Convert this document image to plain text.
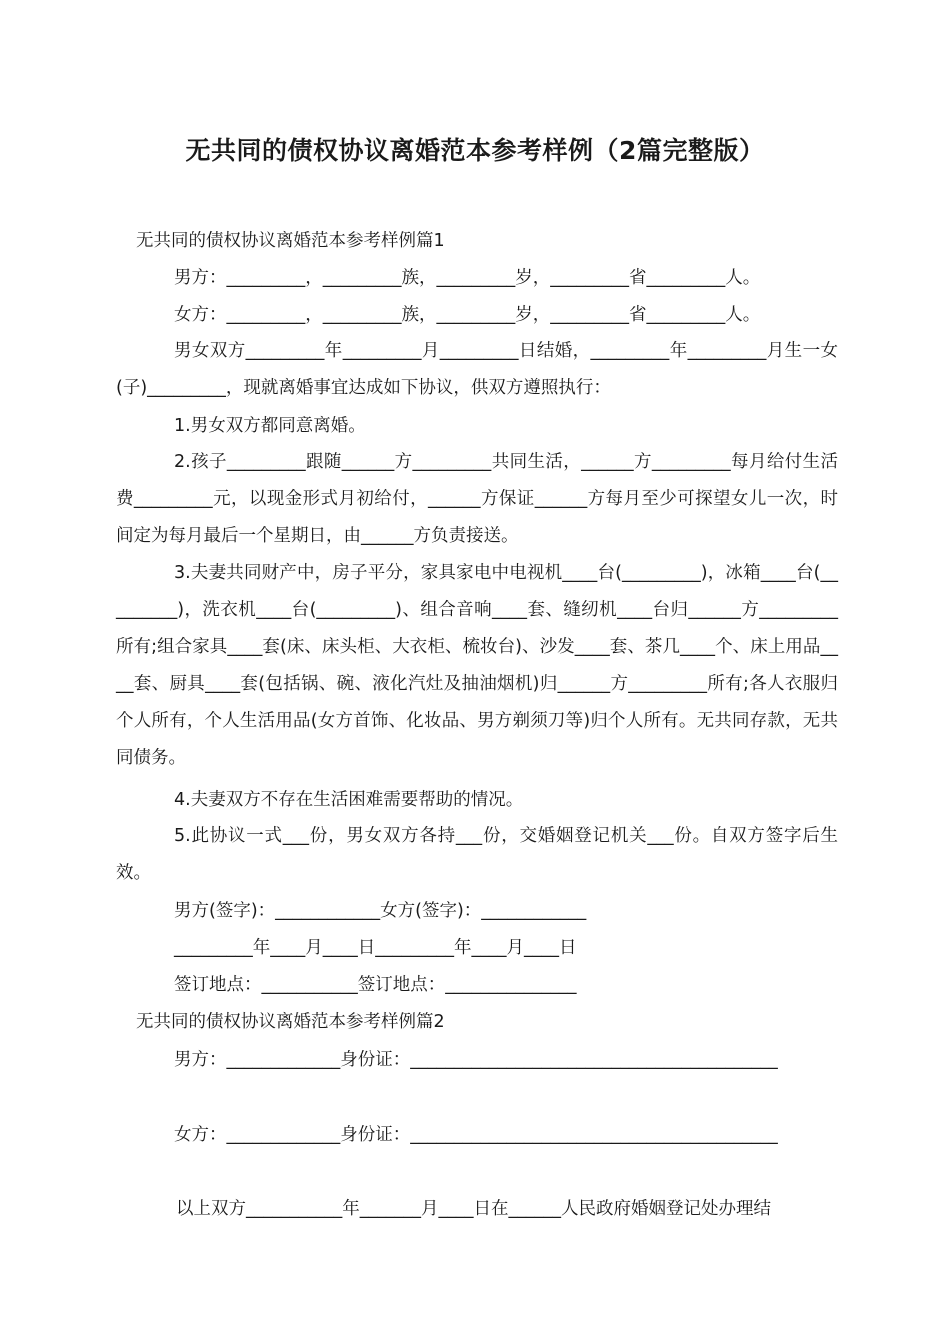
无共同的债权协议离婚范本参考样例（2篇完整版）
无共同的债权协议离婚范本参考样例篇1
男方：_________，_________族，_________岁，_________省_________人。
女方：_________，_________族，_________岁，_________省_________人。

男女双方_________年_________月_________日结婚，_________年_________月生一女(子)_________，现就离婚事宜达成如下协议，供双方遵照执行：

1.男女双方都同意离婚。

2.孩子_________跟随______方_________共同生活，______方_________每月给付生活费_________元，以现金形式月初给付，______方保证______方每月至少可探望女儿一次，时间定为每月最后一个星期日，由______方负责接送。

3.夫妻共同财产中，房子平分，家具家电中电视机____台(_________)，冰箱____台(_________)，洗衣机____台(_________)、组合音响____套、缝纫机____台归______方_________所有;组合家具____套(床、床头柜、大衣柜、梳妆台)、沙发____套、茶几____个、床上用品____套、厨具____套(包括锅、碗、液化汽灶及抽油烟机)归______方_________所有;各人衣服归个人所有，个人生活用品(女方首饰、化妆品、男方剃须刀等)归个人所有。无共同存款，无共同债务。

4.夫妻双方不存在生活困难需要帮助的情况。

5.此协议一式___份，男女双方各持___份，交婚姻登记机关___份。自双方签字后生效。

男方(签字)：____________女方(签字)：____________
_________年____月____日_________年____月____日
签订地点：___________签订地点：_______________
无共同的债权协议离婚范本参考样例篇2
男方：_____________身份证：__________________________________________
女方：_____________身份证：__________________________________________
以上双方___________年_______月____日在______人民政府婚姻登记处办理结
